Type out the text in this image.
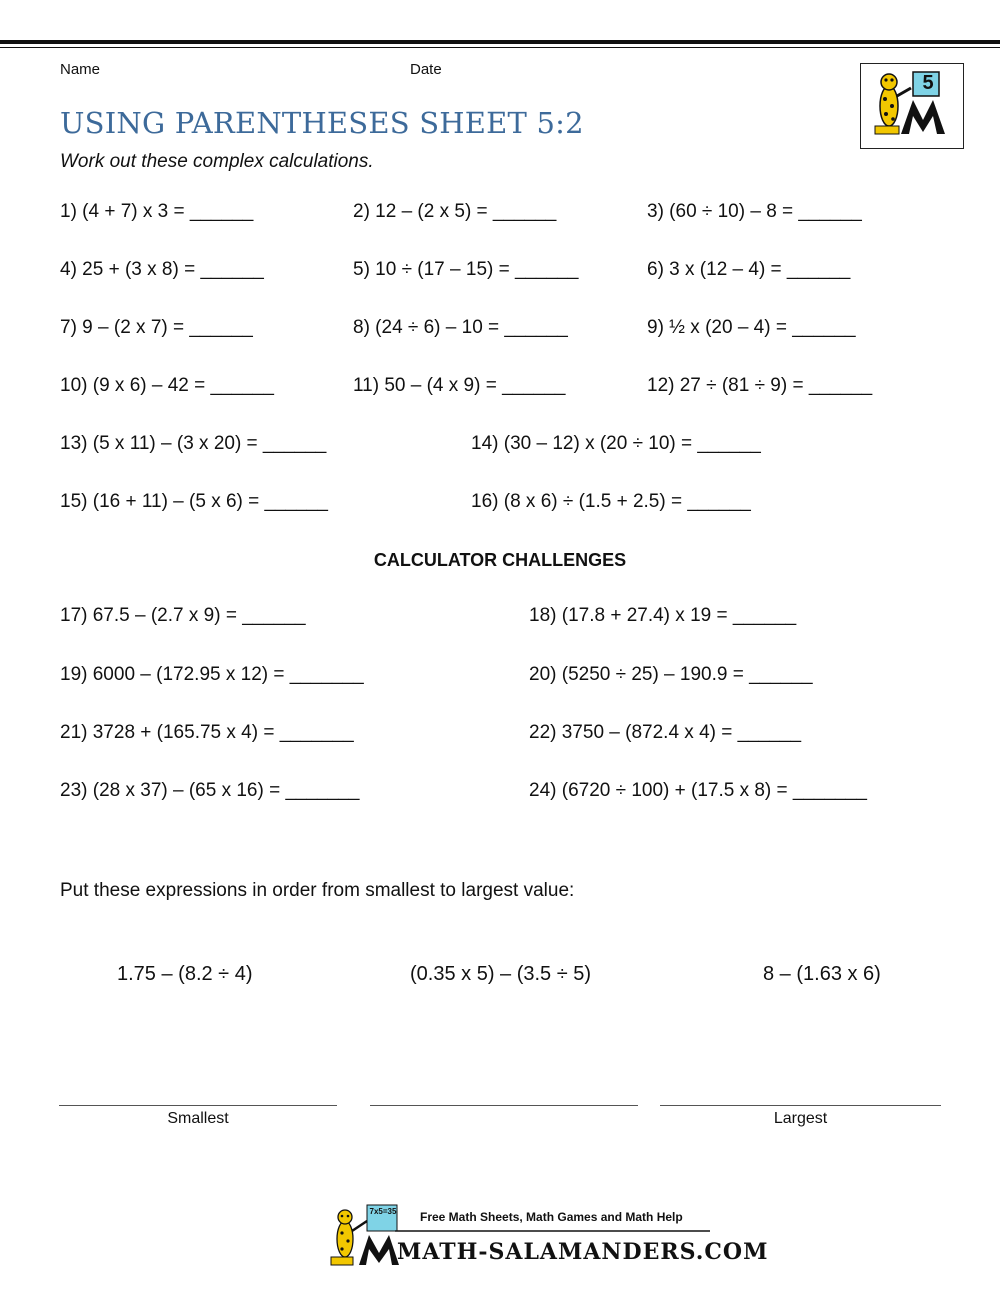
Name	Date
5
USING PARENTHESES SHEET 5:2
Work out these complex calculations.
1) (4 + 7) x 3 = ______	2) 12 – (2 x 5) = ______	3) (60 ÷ 10) – 8 = ______
4) 25 + (3 x 8) = ______	5) 10 ÷ (17 – 15) = ______	6) 3 x (12 – 4) = ______
7) 9 – (2 x 7) = ______	8) (24 ÷ 6) – 10 = ______	9) ½ x (20 – 4) = ______
10) (9 x 6) – 42 = ______	11) 50 – (4 x 9) = ______	12) 27 ÷ (81 ÷ 9) = ______
13) (5 x 11) – (3 x 20) = ______	14) (30 – 12) x (20 ÷ 10) = ______
15) (16 + 11) – (5 x 6) = ______	16) (8 x 6) ÷ (1.5 + 2.5) = ______
CALCULATOR CHALLENGES
17) 67.5 – (2.7 x 9) = ______	18) (17.8 + 27.4) x 19 = ______
19) 6000 – (172.95 x 12) = _______	20) (5250 ÷ 25) – 190.9 = ______
21) 3728 + (165.75 x 4) = _______	22) 3750 – (872.4 x 4) = ______
23) (28 x 37) – (65 x 16) = _______	24) (6720 ÷ 100) + (17.5 x 8) = _______
Put these expressions in order from smallest to largest value:
1.75 – (8.2 ÷ 4)	(0.35 x 5) – (3.5 ÷ 5)	8 – (1.63 x 6)
Smallest	Largest
7x5=35 Free Math Sheets, Math Games and Math Help
MATH-SALAMANDERS.COM
